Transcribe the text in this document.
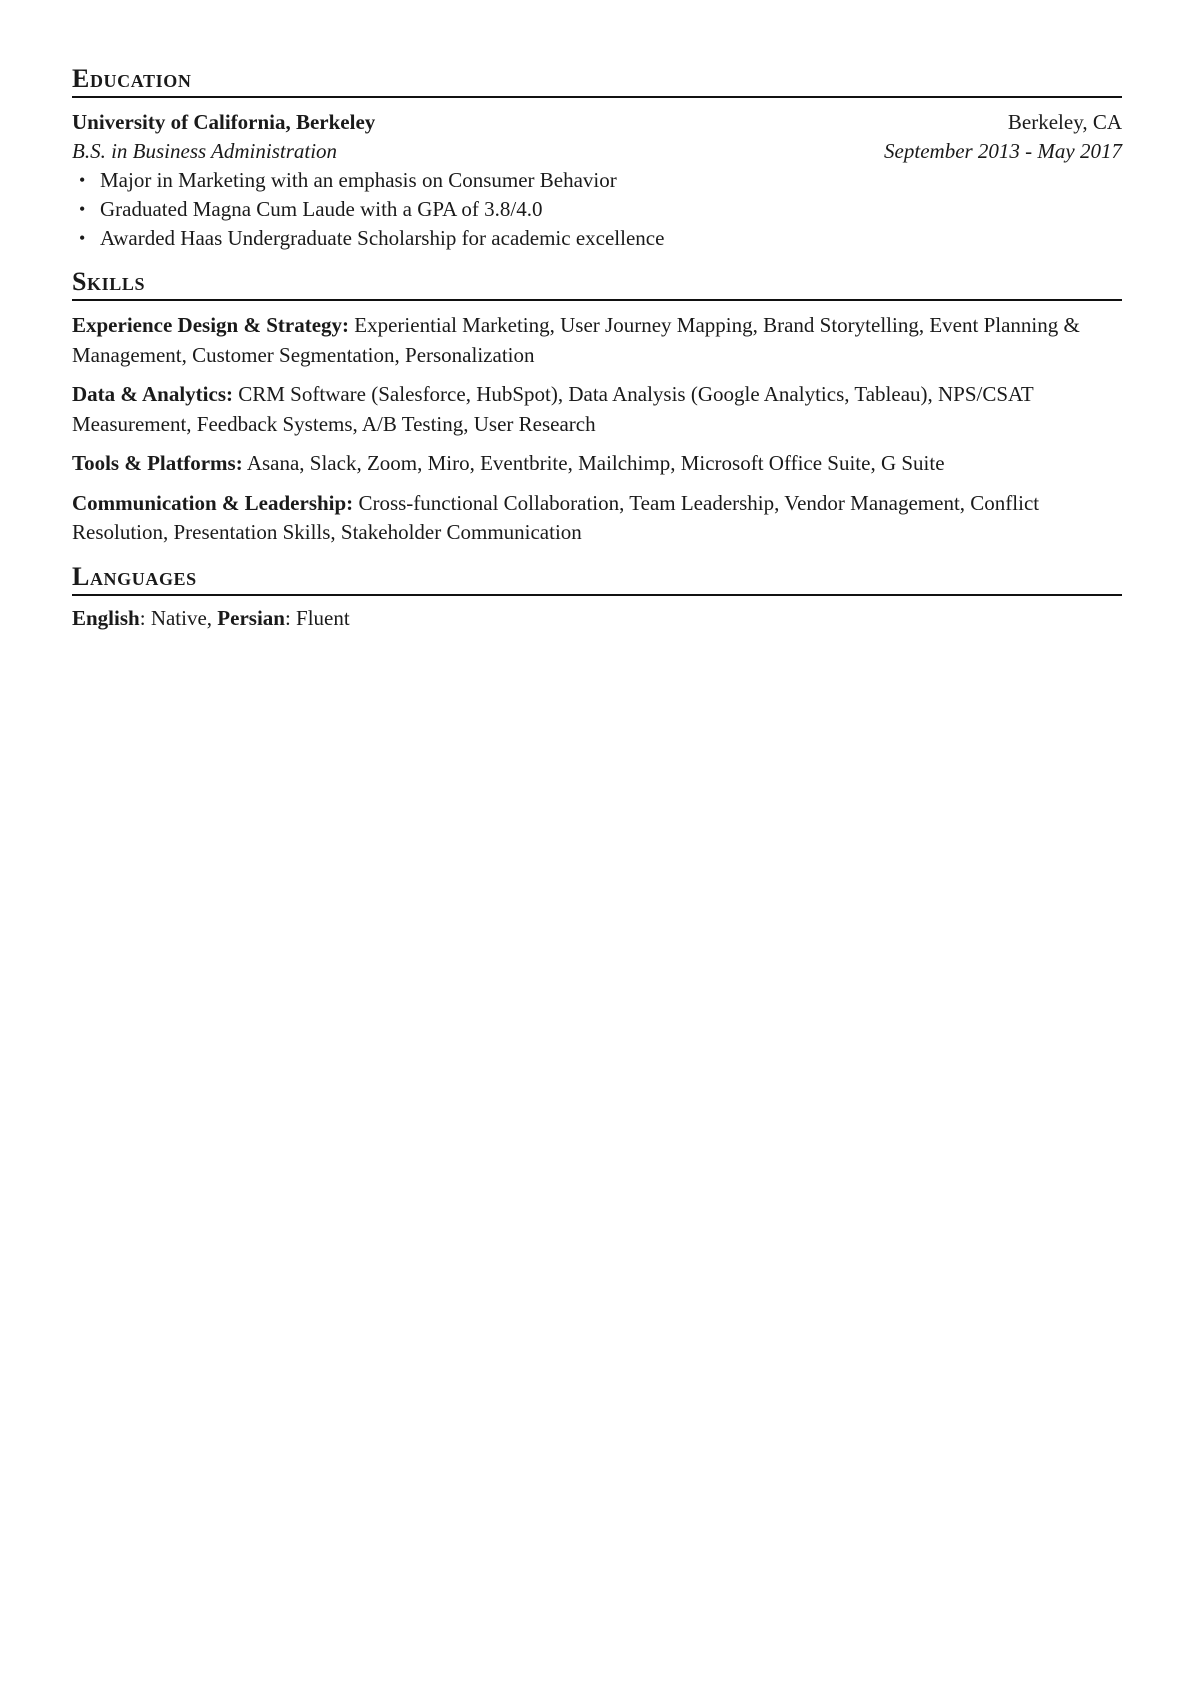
Education
University of California, Berkeley	Berkeley, CA
B.S. in Business Administration	September 2013 - May 2017
• Major in Marketing with an emphasis on Consumer Behavior
• Graduated Magna Cum Laude with a GPA of 3.8/4.0
• Awarded Haas Undergraduate Scholarship for academic excellence
Skills
Experience Design & Strategy: Experiential Marketing, User Journey Mapping, Brand Storytelling, Event Planning & Management, Customer Segmentation, Personalization
Data & Analytics: CRM Software (Salesforce, HubSpot), Data Analysis (Google Analytics, Tableau), NPS/CSAT Measurement, Feedback Systems, A/B Testing, User Research
Tools & Platforms: Asana, Slack, Zoom, Miro, Eventbrite, Mailchimp, Microsoft Office Suite, G Suite
Communication & Leadership: Cross-functional Collaboration, Team Leadership, Vendor Management, Conflict Resolution, Presentation Skills, Stakeholder Communication
Languages
English: Native, Persian: Fluent
